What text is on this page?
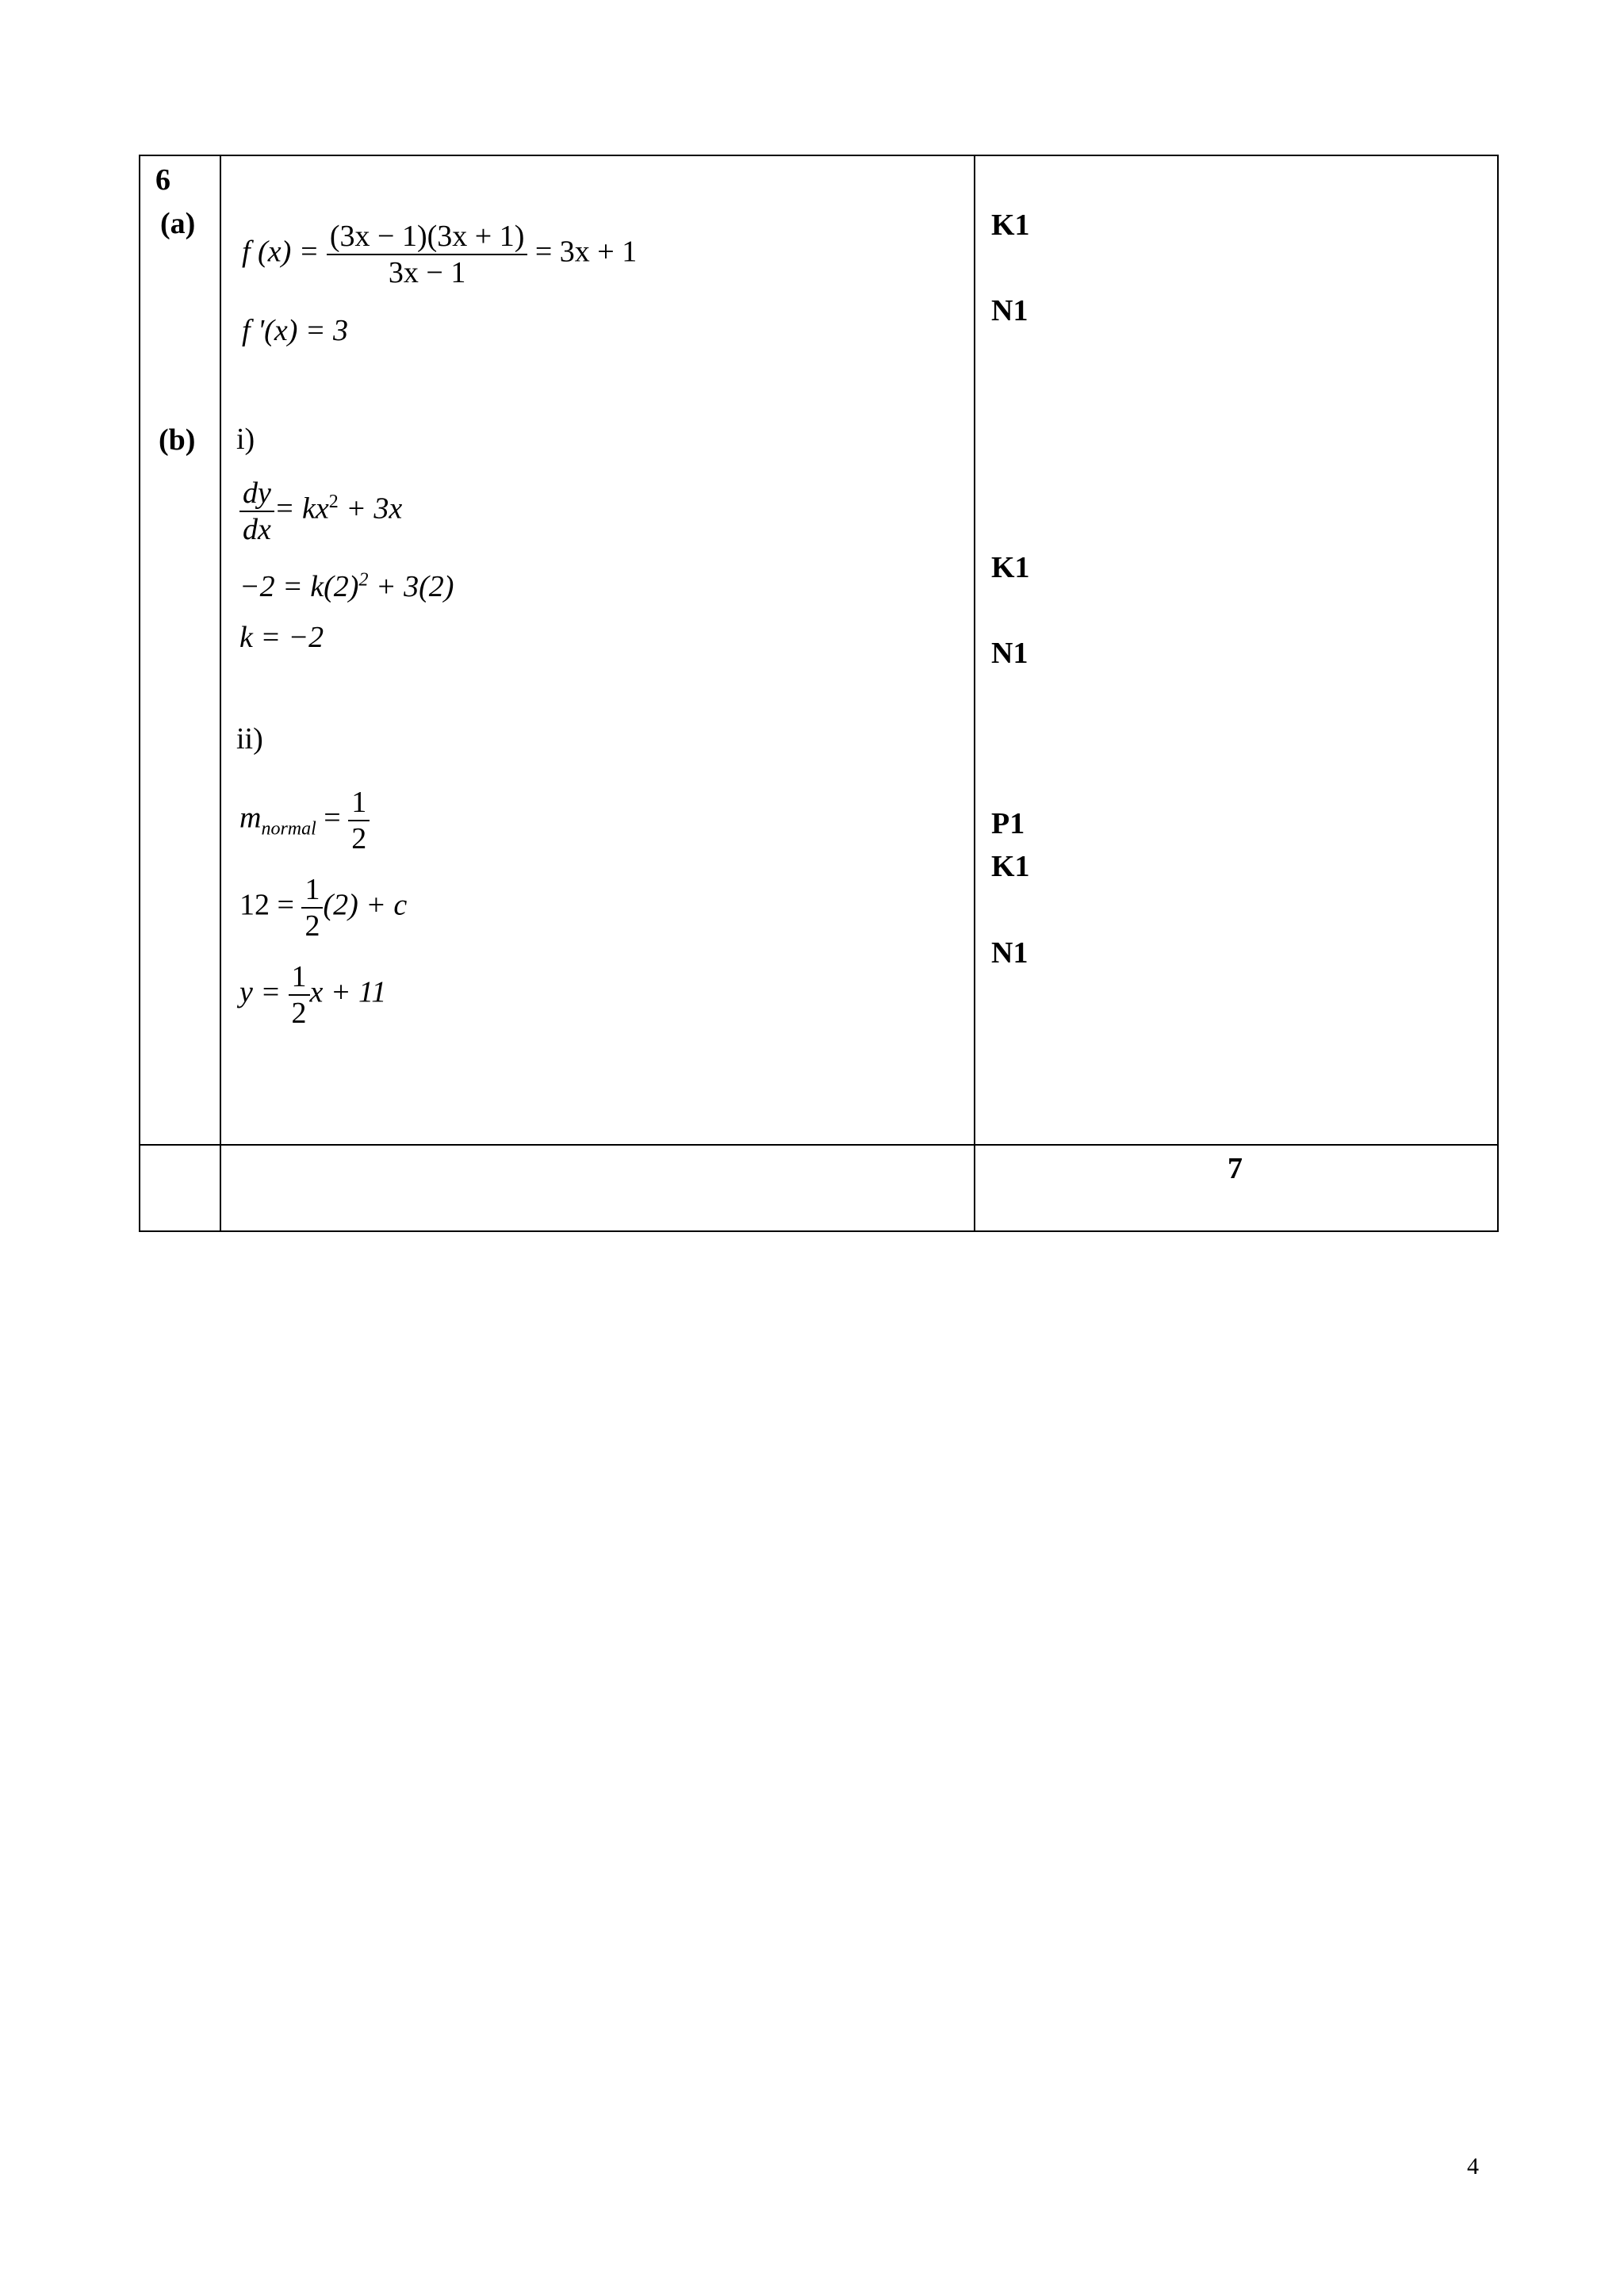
6
(a)
(b)
f $(x) = \frac{(3x - 1)(3x + 1)}{3x - 1} = 3x + 1$
f '(x) = 3
i)
$\frac{dy}{dx} = kx^2 + 3x$
$-2 = k(2)^2 + 3(2)$
k = −2
ii)
$m_{normal} = \frac{1}{2}$
$12 = \frac{1}{2} (2) + c$
$y = \frac{1}{2}$ x + 11
K1
N1
K1
N1
P1
K1
N1
7
4
